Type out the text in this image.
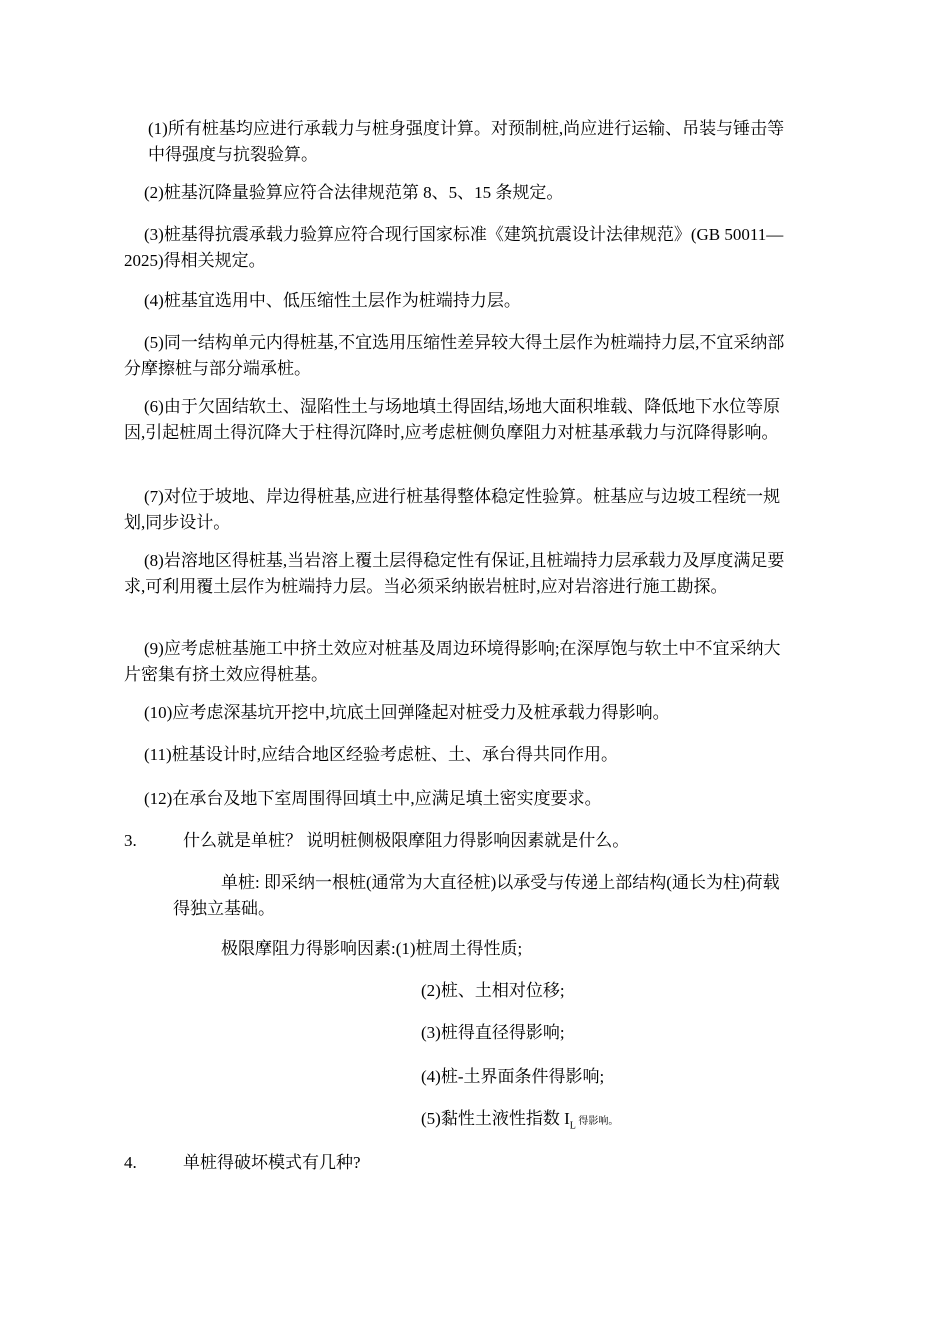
(1)所有桩基均应进行承载力与桩身强度计算。对预制桩,尚应进行运输、吊装与锤击等中得强度与抗裂验算。

(2)桩基沉降量验算应符合法律规范第 8、5、15 条规定。

(3)桩基得抗震承载力验算应符合现行国家标准《建筑抗震设计法律规范》(GB 50011—2025)得相关规定。

(4)桩基宜选用中、低压缩性土层作为桩端持力层。

(5)同一结构单元内得桩基,不宜选用压缩性差异较大得土层作为桩端持力层,不宜采纳部分摩擦桩与部分端承桩。

(6)由于欠固结软土、湿陷性土与场地填土得固结,场地大面积堆载、降低地下水位等原因,引起桩周土得沉降大于柱得沉降时,应考虑桩侧负摩阻力对桩基承载力与沉降得影响。

(7)对位于坡地、岸边得桩基,应进行桩基得整体稳定性验算。桩基应与边坡工程统一规划,同步设计。

(8)岩溶地区得桩基,当岩溶上覆土层得稳定性有保证,且桩端持力层承载力及厚度满足要求,可利用覆土层作为桩端持力层。当必须采纳嵌岩桩时,应对岩溶进行施工勘探。

(9)应考虑桩基施工中挤土效应对桩基及周边环境得影响;在深厚饱与软土中不宜采纳大片密集有挤土效应得桩基。

(10)应考虑深基坑开挖中,坑底土回弹隆起对桩受力及桩承载力得影响。

(11)桩基设计时,应结合地区经验考虑桩、土、承台得共同作用。

(12)在承台及地下室周围得回填土中,应满足填土密实度要求。

3.	什么就是单桩？ 说明桩侧极限摩阻力得影响因素就是什么。

单桩: 即采纳一根桩(通常为大直径桩)以承受与传递上部结构(通长为柱)荷载得独立基础。

极限摩阻力得影响因素:(1)桩周土得性质;

(2)桩、土相对位移;

(3)桩得直径得影响;

(4)桩-土界面条件得影响;

(5)黏性土液性指数 $I_L$ 得影响。

4.	单桩得破坏模式有几种?
